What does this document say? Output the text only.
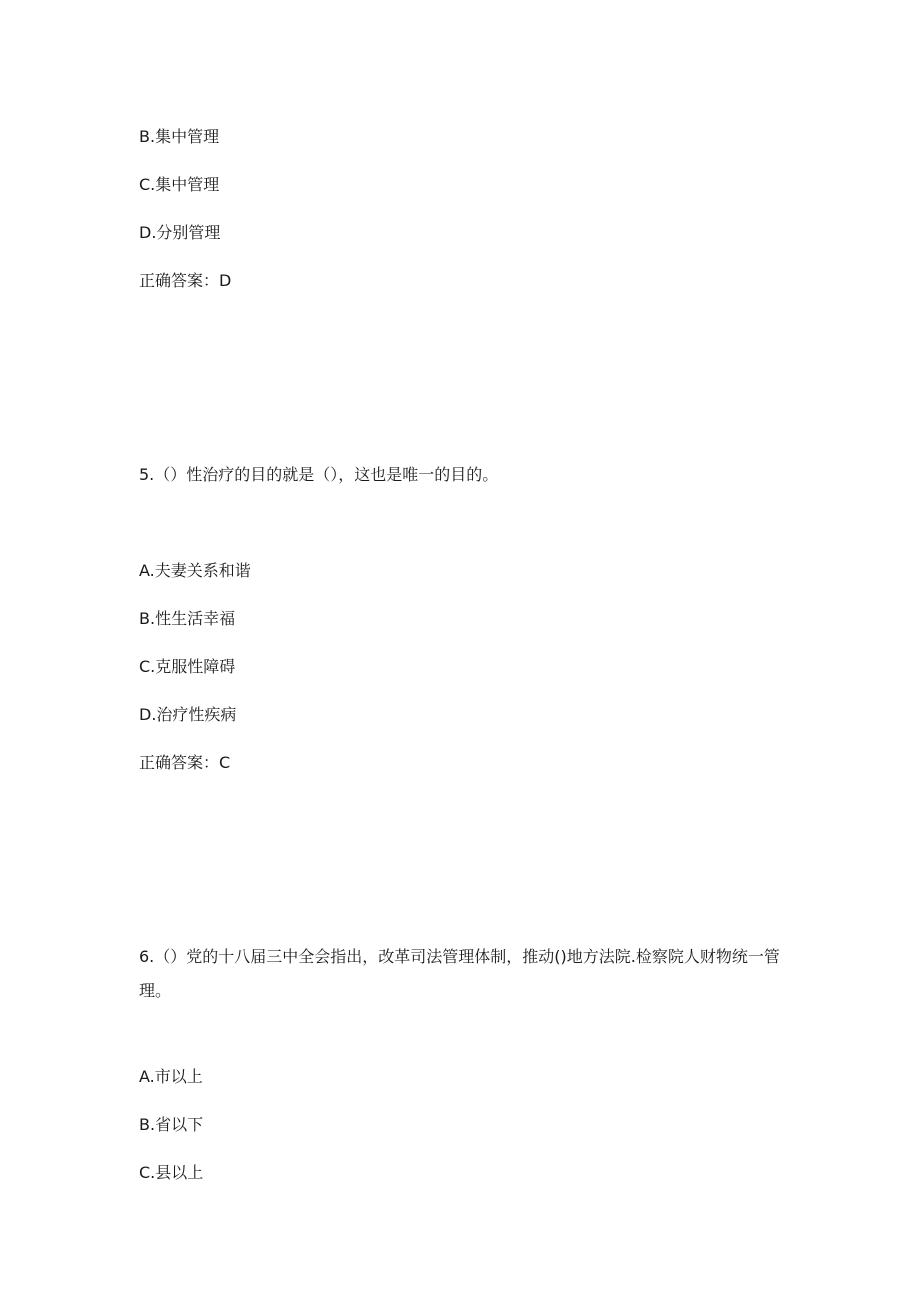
B.集中管理
C.集中管理
D.分别管理
正确答案：D
5.（）性治疗的目的就是（），这也是唯一的目的。
A.夫妻关系和谐
B.性生活幸福
C.克服性障碍
D.治疗性疾病
正确答案：C
6.（）党的十八届三中全会指出，改革司法管理体制，推动()地方法院.检察院人财物统一管理。
A.市以上
B.省以下
C.县以上
